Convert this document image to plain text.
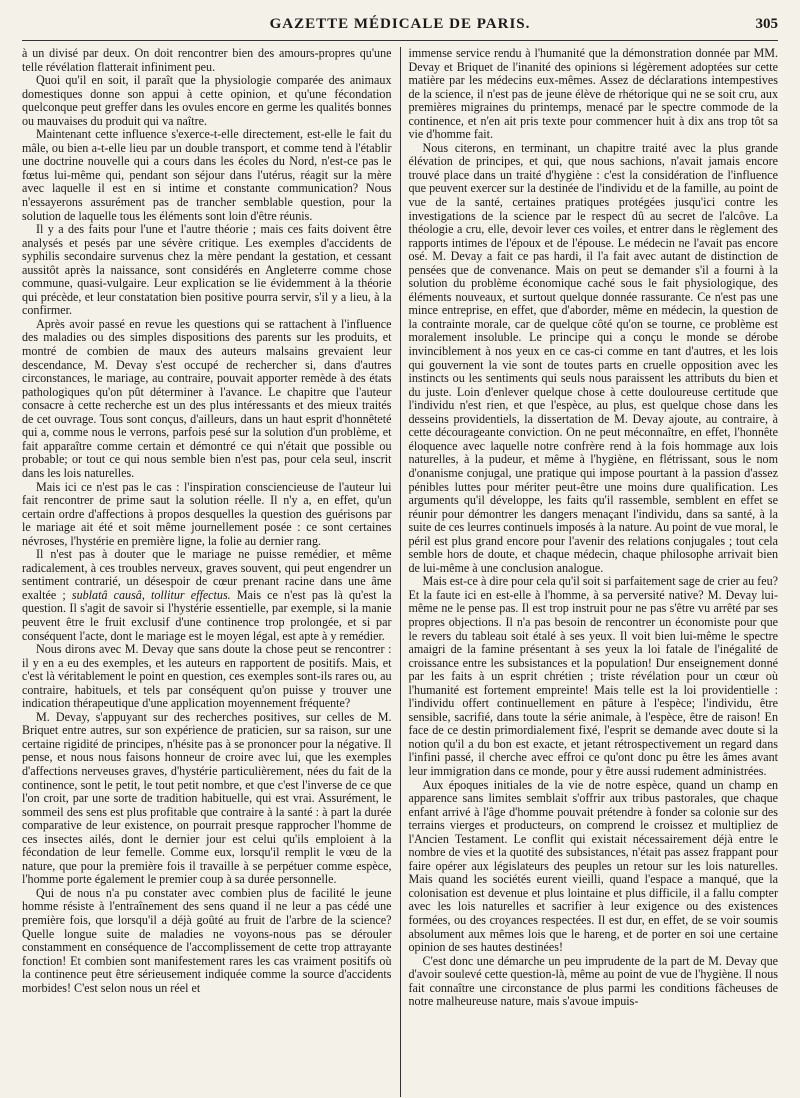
GAZETTE MÉDICALE DE PARIS.	305

à un divisé par deux. On doit rencontrer bien des amours-propres qu'une telle révélation flatterait infiniment peu.

Quoi qu'il en soit, il paraît que la physiologie comparée des animaux domestiques donne son appui à cette opinion, et qu'une fécondation quelconque peut greffer dans les ovules encore en germe les qualités bonnes ou mauvaises du produit qui va naître.

Maintenant cette influence s'exerce-t-elle directement, est-elle le fait du mâle, ou bien a-t-elle lieu par un double transport, et comme tend à l'établir une doctrine nouvelle qui a cours dans les écoles du Nord, n'est-ce pas le fœtus lui-même qui, pendant son séjour dans l'utérus, réagit sur la mère avec laquelle il est en si intime et constante communication? Nous n'essayerons assurément pas de trancher semblable question, pour la solution de laquelle tous les éléments sont loin d'être réunis.

Il y a des faits pour l'une et l'autre théorie ; mais ces faits doivent être analysés et pesés par une sévère critique. Les exemples d'accidents de syphilis secondaire survenus chez la mère pendant la gestation, et cessant aussitôt après la naissance, sont considérés en Angleterre comme chose commune, quasi-vulgaire. Leur explication se lie évidemment à la théorie qui précède, et leur constatation bien positive pourra servir, s'il y a lieu, à la confirmer.

Après avoir passé en revue les questions qui se rattachent à l'influence des maladies ou des simples dispositions des parents sur les produits, et montré de combien de maux des auteurs malsains grevaient leur descendance, M. Devay s'est occupé de rechercher si, dans d'autres circonstances, le mariage, au contraire, pouvait apporter remède à des états pathologiques qu'on pût déterminer à l'avance. Le chapitre que l'auteur consacre à cette recherche est un des plus intéressants et des mieux traités de cet ouvrage. Tous sont conçus, d'ailleurs, dans un haut esprit d'honnêteté qui a, comme nous le verrons, parfois pesé sur la solution d'un problème, et fait apparaître comme certain et démontré ce qui n'était que possible ou probable; or tout ce qui nous semble bien n'est pas, pour cela seul, inscrit dans les lois naturelles.

Mais ici ce n'est pas le cas : l'inspiration consciencieuse de l'auteur lui fait rencontrer de prime saut la solution réelle. Il n'y a, en effet, qu'un certain ordre d'affections à propos desquelles la question des guérisons par le mariage ait été et soit même journellement posée : ce sont certaines névroses, l'hystérie en première ligne, la folie au dernier rang.

Il n'est pas à douter que le mariage ne puisse remédier, et même radicalement, à ces troubles nerveux, graves souvent, qui peut engendrer un sentiment contrarié, un désespoir de cœur prenant racine dans une âme exaltée ; sublatâ causâ, tollitur effectus. Mais ce n'est pas là qu'est la question. Il s'agit de savoir si l'hystérie essentielle, par exemple, si la manie peuvent être le fruit exclusif d'une continence trop prolongée, et si par conséquent l'acte, dont le mariage est le moyen légal, est apte à y remédier.

Nous dirons avec M. Devay que sans doute la chose peut se rencontrer : il y en a eu des exemples, et les auteurs en rapportent de positifs. Mais, et c'est là véritablement le point en question, ces exemples sont-ils rares ou, au contraire, habituels, et tels par conséquent qu'on puisse y trouver une indication thérapeutique d'une application moyennement fréquente?

M. Devay, s'appuyant sur des recherches positives, sur celles de M. Briquet entre autres, sur son expérience de praticien, sur sa raison, sur une certaine rigidité de principes, n'hésite pas à se prononcer pour la négative. Il pense, et nous nous faisons honneur de croire avec lui, que les exemples d'affections nerveuses graves, d'hystérie particulièrement, nées du fait de la continence, sont le petit, le tout petit nombre, et que c'est l'inverse de ce que l'on croit, par une sorte de tradition habituelle, qui est vrai. Assurément, le sommeil des sens est plus profitable que contraire à la santé : à part la durée comparative de leur existence, on pourrait presque rapprocher l'homme de ces insectes ailés, dont le dernier jour est celui qu'ils emploient à la fécondation de leur femelle. Comme eux, lorsqu'il remplit le vœu de la nature, que pour la première fois il travaille à se perpétuer comme espèce, l'homme porte également le premier coup à sa durée personnelle.

Qui de nous n'a pu constater avec combien plus de facilité le jeune homme résiste à l'entraînement des sens quand il ne leur a pas cédé une première fois, que lorsqu'il a déjà goûté au fruit de l'arbre de la science? Quelle longue suite de maladies ne voyons-nous pas se dérouler constamment en conséquence de l'accomplissement de cette trop attrayante fonction! Et combien sont manifestement rares les cas vraiment positifs où la continence peut être sérieusement indiquée comme la source d'accidents morbides! C'est selon nous un réel et

immense service rendu à l'humanité que la démonstration donnée par MM. Devay et Briquet de l'inanité des opinions si légèrement adoptées sur cette matière par les médecins eux-mêmes. Assez de déclarations intempestives de la science, il n'est pas de jeune élève de rhétorique qui ne se soit cru, aux premières migraines du printemps, menacé par le spectre commode de la continence, et n'en ait pris texte pour commencer huit à dix ans trop tôt sa vie d'homme fait.

Nous citerons, en terminant, un chapitre traité avec la plus grande élévation de principes, et qui, que nous sachions, n'avait jamais encore trouvé place dans un traité d'hygiène : c'est la considération de l'influence que peuvent exercer sur la destinée de l'individu et de la famille, au point de vue de la santé, certaines pratiques protégées jusqu'ici contre les investigations de la science par le respect dû au secret de l'alcôve. La théologie a cru, elle, devoir lever ces voiles, et entrer dans le règlement des rapports intimes de l'époux et de l'épouse. Le médecin ne l'avait pas encore osé. M. Devay a fait ce pas hardi, il l'a fait avec autant de distinction de pensées que de convenance. Mais on peut se demander s'il a fourni à la solution du problème économique caché sous le fait physiologique, des éléments nouveaux, et surtout quelque donnée rassurante. Ce n'est pas une mince entreprise, en effet, que d'aborder, même en médecin, la question de la contrainte morale, car de quelque côté qu'on se tourne, ce problème est moralement insoluble. Le principe qui a conçu le monde se dérobe invinciblement à nos yeux en ce cas-ci comme en tant d'autres, et les lois qui gouvernent la vie sont de toutes parts en cruelle opposition avec les instincts ou les sentiments qui seuls nous paraissent les attributs du bien et du juste. Loin d'enlever quelque chose à cette douloureuse certitude que l'individu n'est rien, et que l'espèce, au plus, est quelque chose dans les desseins providentiels, la dissertation de M. Devay ajoute, au contraire, à cette décourageante conviction. On ne peut méconnaître, en effet, l'honnête éloquence avec laquelle notre confrère rend à la fois hommage aux lois naturelles, à la pudeur, et même à l'hygiène, en flétrissant, sous le nom d'onanisme conjugal, une pratique qui impose pourtant à la passion d'assez pénibles luttes pour mériter peut-être une moins dure qualification. Les arguments qu'il développe, les faits qu'il rassemble, semblent en effet se réunir pour démontrer les dangers menaçant l'individu, dans sa santé, à la suite de ces leurres continuels imposés à la nature. Au point de vue moral, le péril est plus grand encore pour l'avenir des relations conjugales ; tout cela semble hors de doute, et chaque médecin, chaque philosophe arrivait bien de lui-même à une conclusion analogue.

Mais est-ce à dire pour cela qu'il soit si parfaitement sage de crier au feu? Et la faute ici en est-elle à l'homme, à sa perversité native? M. Devay lui-même ne le pense pas. Il est trop instruit pour ne pas s'être vu arrêté par ses propres objections. Il n'a pas besoin de rencontrer un économiste pour que le revers du tableau soit étalé à ses yeux. Il voit bien lui-même le spectre amaigri de la famine présentant à ses yeux la loi fatale de l'inégalité de croissance entre les subsistances et la population! Dur enseignement donné par les faits à un esprit chrétien ; triste révélation pour un cœur où l'humanité est fortement empreinte! Mais telle est la loi providentielle : l'individu offert continuellement en pâture à l'espèce; l'individu, être sensible, sacrifié, dans toute la série animale, à l'espèce, être de raison! En face de ce destin primordialement fixé, l'esprit se demande avec doute si la notion qu'il a du bon est exacte, et jetant rétrospectivement un regard dans l'infini passé, il cherche avec effroi ce qu'ont donc pu être les âmes avant leur immigration dans ce monde, pour y être aussi rudement administrées.

Aux époques initiales de la vie de notre espèce, quand un champ en apparence sans limites semblait s'offrir aux tribus pastorales, que chaque enfant arrivé à l'âge d'homme pouvait prétendre à fonder sa colonie sur des terrains vierges et producteurs, on comprend le croissez et multipliez de l'Ancien Testament. Le conflit qui existait nécessairement déjà entre le nombre de vies et la quotité des subsistances, n'était pas assez frappant pour faire opérer aux législateurs des peuples un retour sur les lois naturelles. Mais quand les sociétés eurent vieilli, quand l'espace a manqué, que la colonisation est devenue et plus lointaine et plus difficile, il a fallu compter avec les lois naturelles et sacrifier à leur exigence ou des existences formées, ou des croyances respectées. Il est dur, en effet, de se voir soumis absolument aux mêmes lois que le hareng, et de porter en soi une certaine opinion de ses hautes destinées!

C'est donc une démarche un peu imprudente de la part de M. Devay que d'avoir soulevé cette question-là, même au point de vue de l'hygiène. Il nous fait connaître une circonstance de plus parmi les conditions fâcheuses de notre malheureuse nature, mais s'avoue impuis-
